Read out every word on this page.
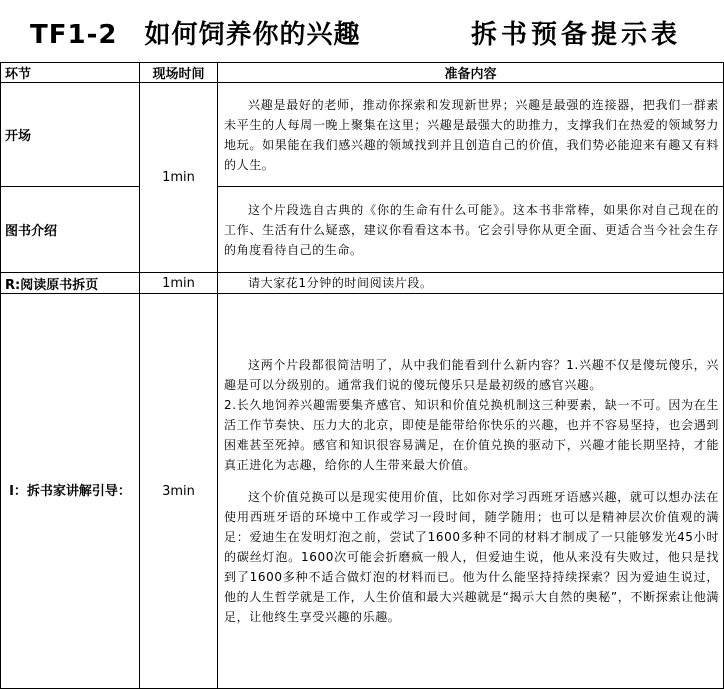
TF1-2　如何饲养你的兴趣	拆书预备提示表
环节	现场时间	准备内容
开场	1min	兴趣是最好的老师，推动你探索和发现新世界；兴趣是最强的连接器，把我们一群素未平生的人每周一晚上聚集在这里；兴趣是最强大的助推力，支撑我们在热爱的领域努力地玩。如果能在我们感兴趣的领域找到并且创造自己的价值，我们势必能迎来有趣又有料的人生。

图书介绍		这个片段选自古典的《你的生命有什么可能》。这本书非常棒，如果你对自己现在的工作、生活有什么疑惑，建议你看看这本书。它会引导你从更全面、更适合当今社会生存的角度看待自己的生命。

R:阅读原书拆页	1min	请大家花1分钟的时间阅读片段。

I：拆书家讲解引导：	3min	这两个片段都很简洁明了，从中我们能看到什么新内容？1.兴趣不仅是傻玩傻乐，兴趣是可以分级别的。通常我们说的傻玩傻乐只是最初级的感官兴趣。

2.长久地饲养兴趣需要集齐感官、知识和价值兑换机制这三种要素，缺一不可。因为在生活工作节奏快、压力大的北京，即使是能带给你快乐的兴趣，也并不容易坚持，也会遇到困难甚至死掉。感官和知识很容易满足，在价值兑换的驱动下，兴趣才能长期坚持，才能真正进化为志趣，给你的人生带来最大价值。

这个价值兑换可以是现实使用价值，比如你对学习西班牙语感兴趣，就可以想办法在使用西班牙语的环境中工作或学习一段时间，随学随用；也可以是精神层次价值观的满足：爱迪生在发明灯泡之前，尝试了1600多种不同的材料才制成了一只能够发光45小时的碳丝灯泡。1600次可能会折磨疯一般人，但爱迪生说，他从来没有失败过，他只是找到了1600多种不适合做灯泡的材料而已。他为什么能坚持持续探索？因为爱迪生说过，他的人生哲学就是工作，人生价值和最大兴趣就是“揭示大自然的奥秘”，不断探索让他满足，让他终生享受兴趣的乐趣。
